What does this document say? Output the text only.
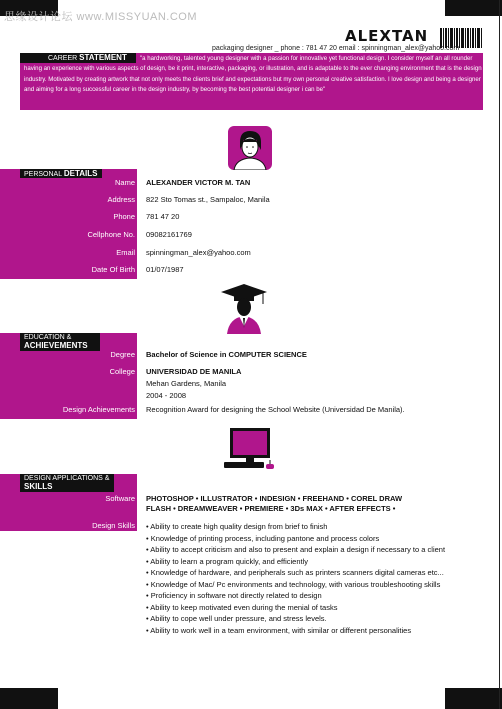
思缘设计论坛 www.MISSYUAN.COM
ALEXTAN
packaging designer _ phone : 781 47 20 email : spinningman_alex@yahoo.com
CAREER STATEMENT	"a hardworking, talented young designer with a passion for innovative yet functional design. I consider myself an all rounder having an experience with various aspects of design, be it print, interactive, packaging, or illustration, and is adaptable to the ever changing environment that is the design industry. Motivated by creating artwork that not only meets the clients brief and expectations but my own personal creative satisfaction. I love design and being a designer and aiming for a long successful career in the design industry, by becoming the best potential designer i can be"
PERSONAL DETAILS
Name ALEXANDER VICTOR M. TAN
Address 822 Sto Tomas st., Sampaloc, Manila
Phone 781 47 20
Cellphone No. 09082161769
Email spinningman_alex@yahoo.com
Date Of Birth 01/07/1987
EDUCATION &
ACHIEVEMENTS
Degree Bachelor of Science in COMPUTER SCIENCE
College UNIVERSIDAD DE MANILA
Mehan Gardens, Manila
2004 - 2008
Design Achievements Recognition Award for designing the School Website (Universidad De Manila).
DESIGN APPLICATIONS &
SKILLS
Software PHOTOSHOP • ILLUSTRATOR • INDESIGN • FREEHAND • COREL DRAW
FLASH • DREAMWEAVER • PREMIERE • 3Ds MAX • AFTER EFFECTS •
Design Skills
•	Ability to create high quality design from brief to finish
• Knowledge of printing process, including pantone and process colors
• Ability to accept criticism and also to present and explain a design if necessary to a client
• Ability to learn a program quickly, and efficiently
• Knowledge of hardware, and peripherals such as printers scanners digital cameras etc...
• Knowledge of Mac/ Pc environments and technology, with various troubleshooting skills
• Proficiency in software not directly related to design
• Ability to keep motivated even during the menial of tasks
• Ability to cope well under pressure, and stress levels.
• Ability to work well in a team environment, with similar or different personalities
